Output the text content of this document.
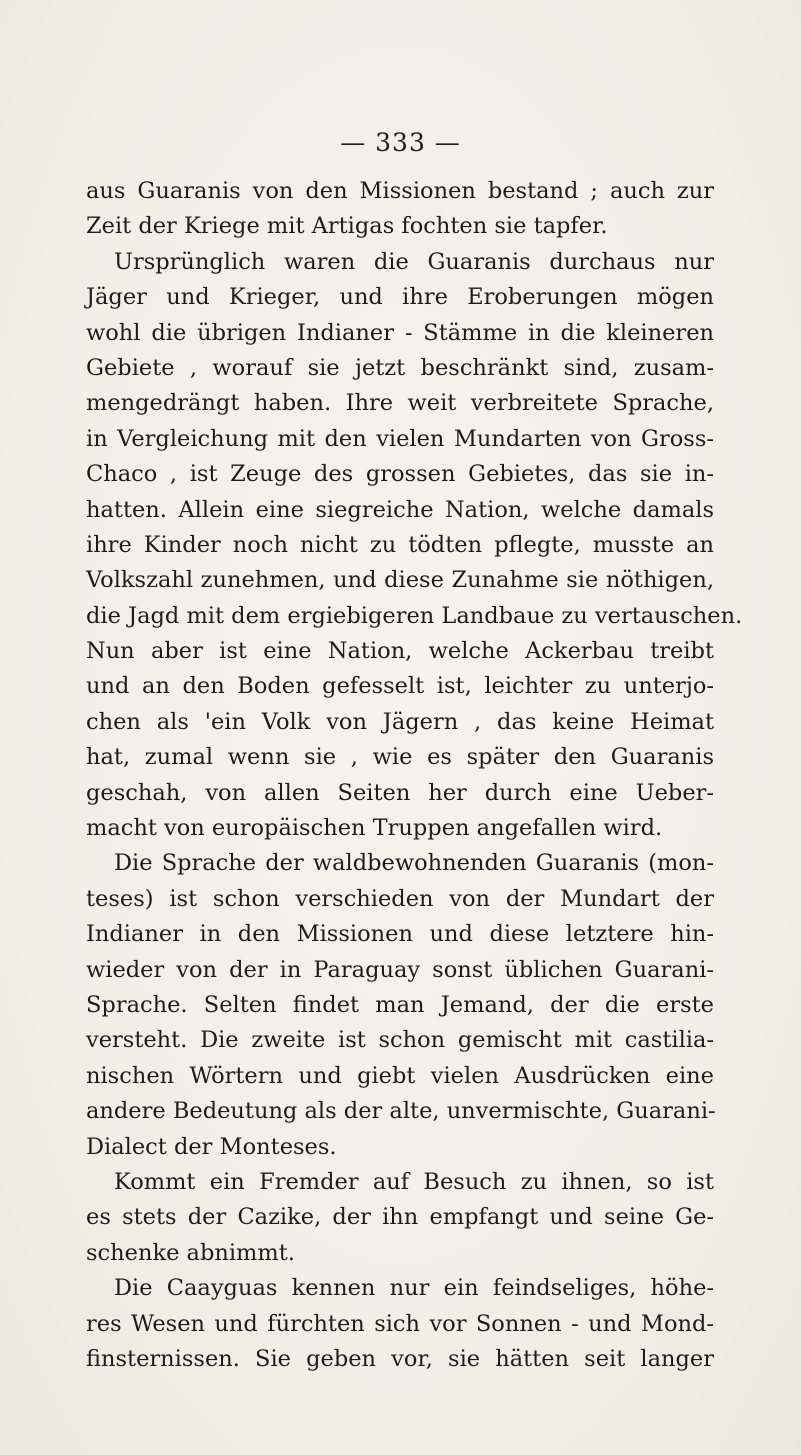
— 333 —
aus Guaranis von den Missionen bestand ; auch zur
Zeit der Kriege mit Artigas fochten sie tapfer.
Ursprünglich waren die Guaranis durchaus nur
Jäger und Krieger, und ihre Eroberungen mögen
wohl die übrigen Indianer - Stämme in die kleineren
Gebiete , worauf sie jetzt beschränkt sind, zusam-
mengedrängt haben. Ihre weit verbreitete Sprache,
in Vergleichung mit den vielen Mundarten von Gross-
Chaco , ist Zeuge des grossen Gebietes, das sie in-
hatten. Allein eine siegreiche Nation, welche damals
ihre Kinder noch nicht zu tödten pflegte, musste an
Volkszahl zunehmen, und diese Zunahme sie nöthigen,
die Jagd mit dem ergiebigeren Landbaue zu vertauschen.
Nun aber ist eine Nation, welche Ackerbau treibt
und an den Boden gefesselt ist, leichter zu unterjo-
chen als 'ein Volk von Jägern , das keine Heimat
hat, zumal wenn sie , wie es später den Guaranis
geschah, von allen Seiten her durch eine Ueber-
macht von europäischen Truppen angefallen wird.
Die Sprache der waldbewohnenden Guaranis (mon-
teses) ist schon verschieden von der Mundart der
Indianer in den Missionen und diese letztere hin-
wieder von der in Paraguay sonst üblichen Guarani-
Sprache. Selten findet man Jemand, der die erste
versteht. Die zweite ist schon gemischt mit castilia-
nischen Wörtern und giebt vielen Ausdrücken eine
andere Bedeutung als der alte, unvermischte, Guarani-
Dialect der Monteses.
Kommt ein Fremder auf Besuch zu ihnen, so ist
es stets der Cazike, der ihn empfangt und seine Ge-
schenke abnimmt.
Die Caayguas kennen nur ein feindseliges, höhe-
res Wesen und fürchten sich vor Sonnen - und Mond-
finsternissen. Sie geben vor, sie hätten seit langer
